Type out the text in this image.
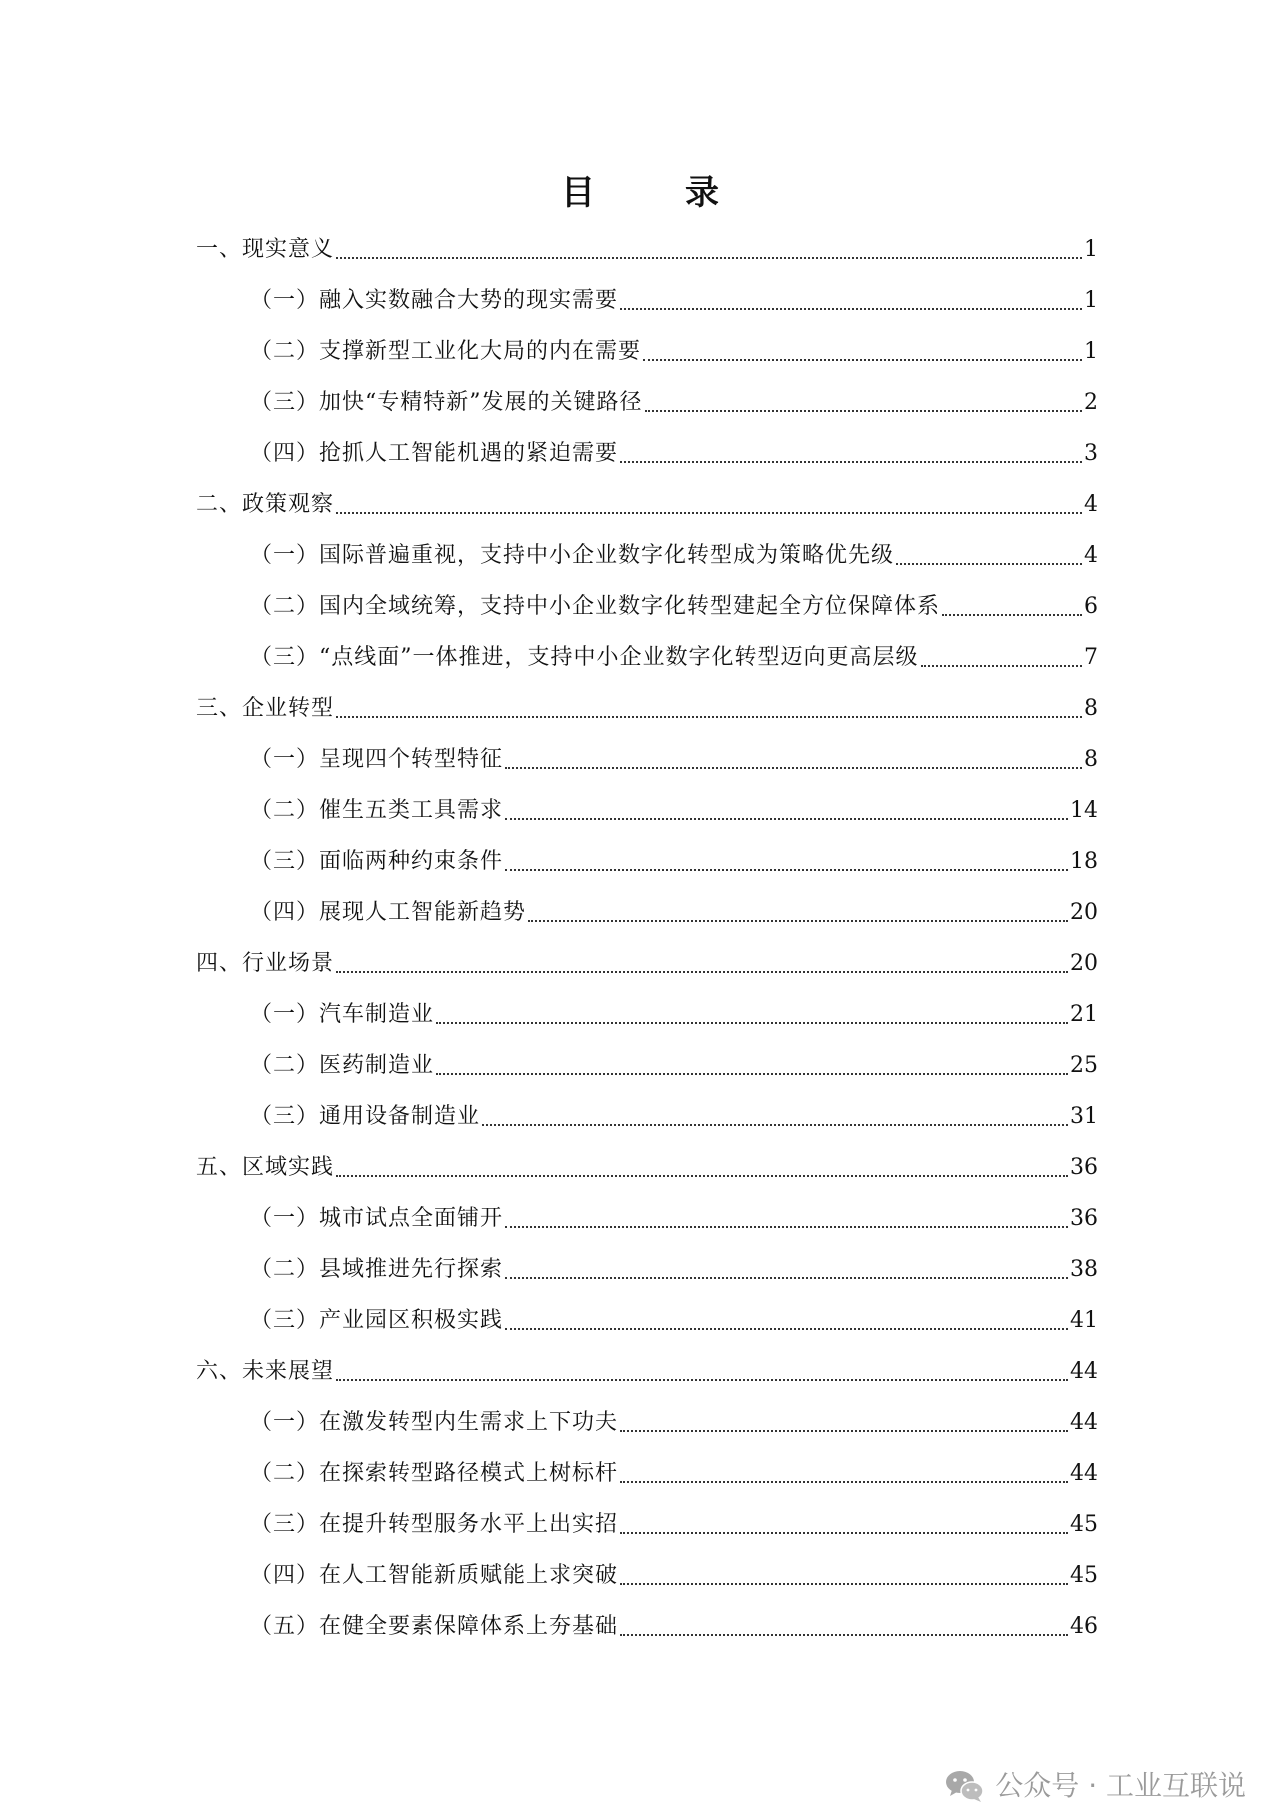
目　录
一、现实意义	1
（一）融入实数融合大势的现实需要	1
（二）支撑新型工业化大局的内在需要	1
（三）加快“专精特新”发展的关键路径	2
（四）抢抓人工智能机遇的紧迫需要	3
二、政策观察	4
（一）国际普遍重视，支持中小企业数字化转型成为策略优先级	4
（二）国内全域统筹，支持中小企业数字化转型建起全方位保障体系	6
（三）“点线面”一体推进，支持中小企业数字化转型迈向更高层级	7
三、企业转型	8
（一）呈现四个转型特征	8
（二）催生五类工具需求	14
（三）面临两种约束条件	18
（四）展现人工智能新趋势	20
四、行业场景	20
（一）汽车制造业	21
（二）医药制造业	25
（三）通用设备制造业	31
五、区域实践	36
（一）城市试点全面铺开	36
（二）县域推进先行探索	38
（三）产业园区积极实践	41
六、未来展望	44
（一）在激发转型内生需求上下功夫	44
（二）在探索转型路径模式上树标杆	44
（三）在提升转型服务水平上出实招	45
（四）在人工智能新质赋能上求突破	45
（五）在健全要素保障体系上夯基础	46
公众号 · 工业互联说
